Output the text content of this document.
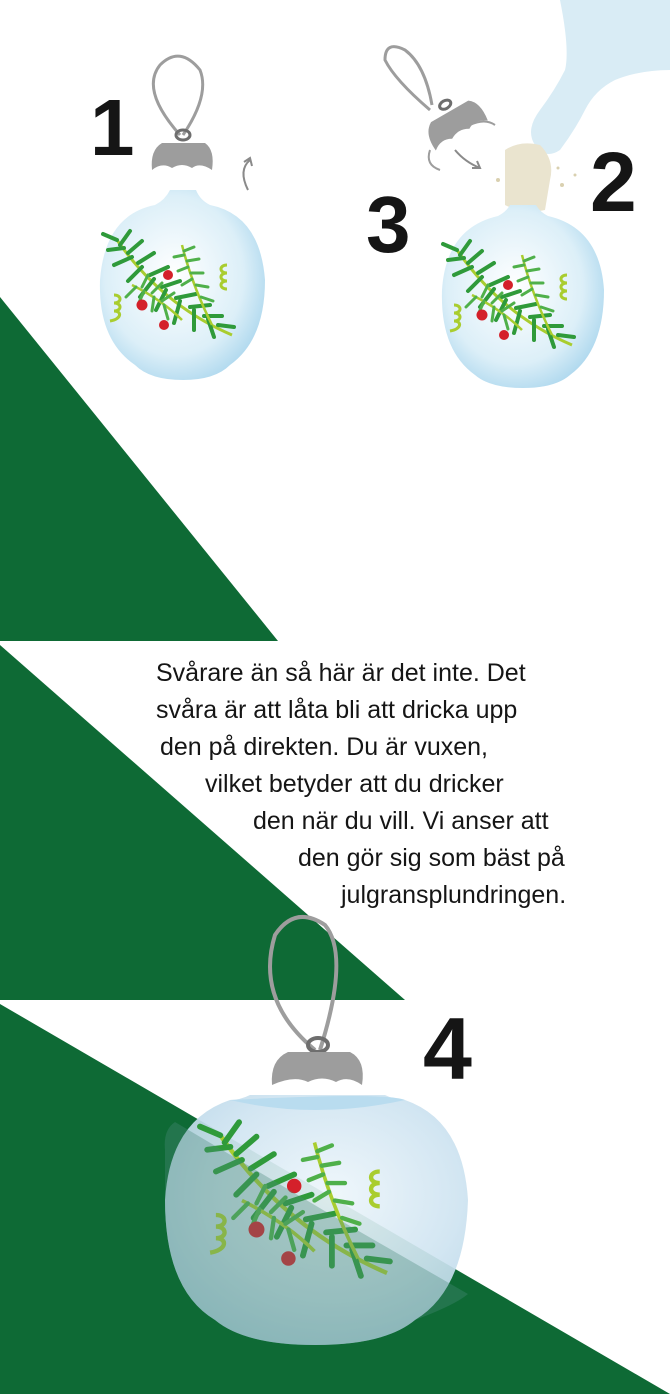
1
2
3
4

Svårare än så här är det inte. Det
svåra är att låta bli att dricka upp
den på direkten. Du är vuxen,
vilket betyder att du dricker
den när du vill. Vi anser att
den gör sig som bäst på
julgransplundringen.
